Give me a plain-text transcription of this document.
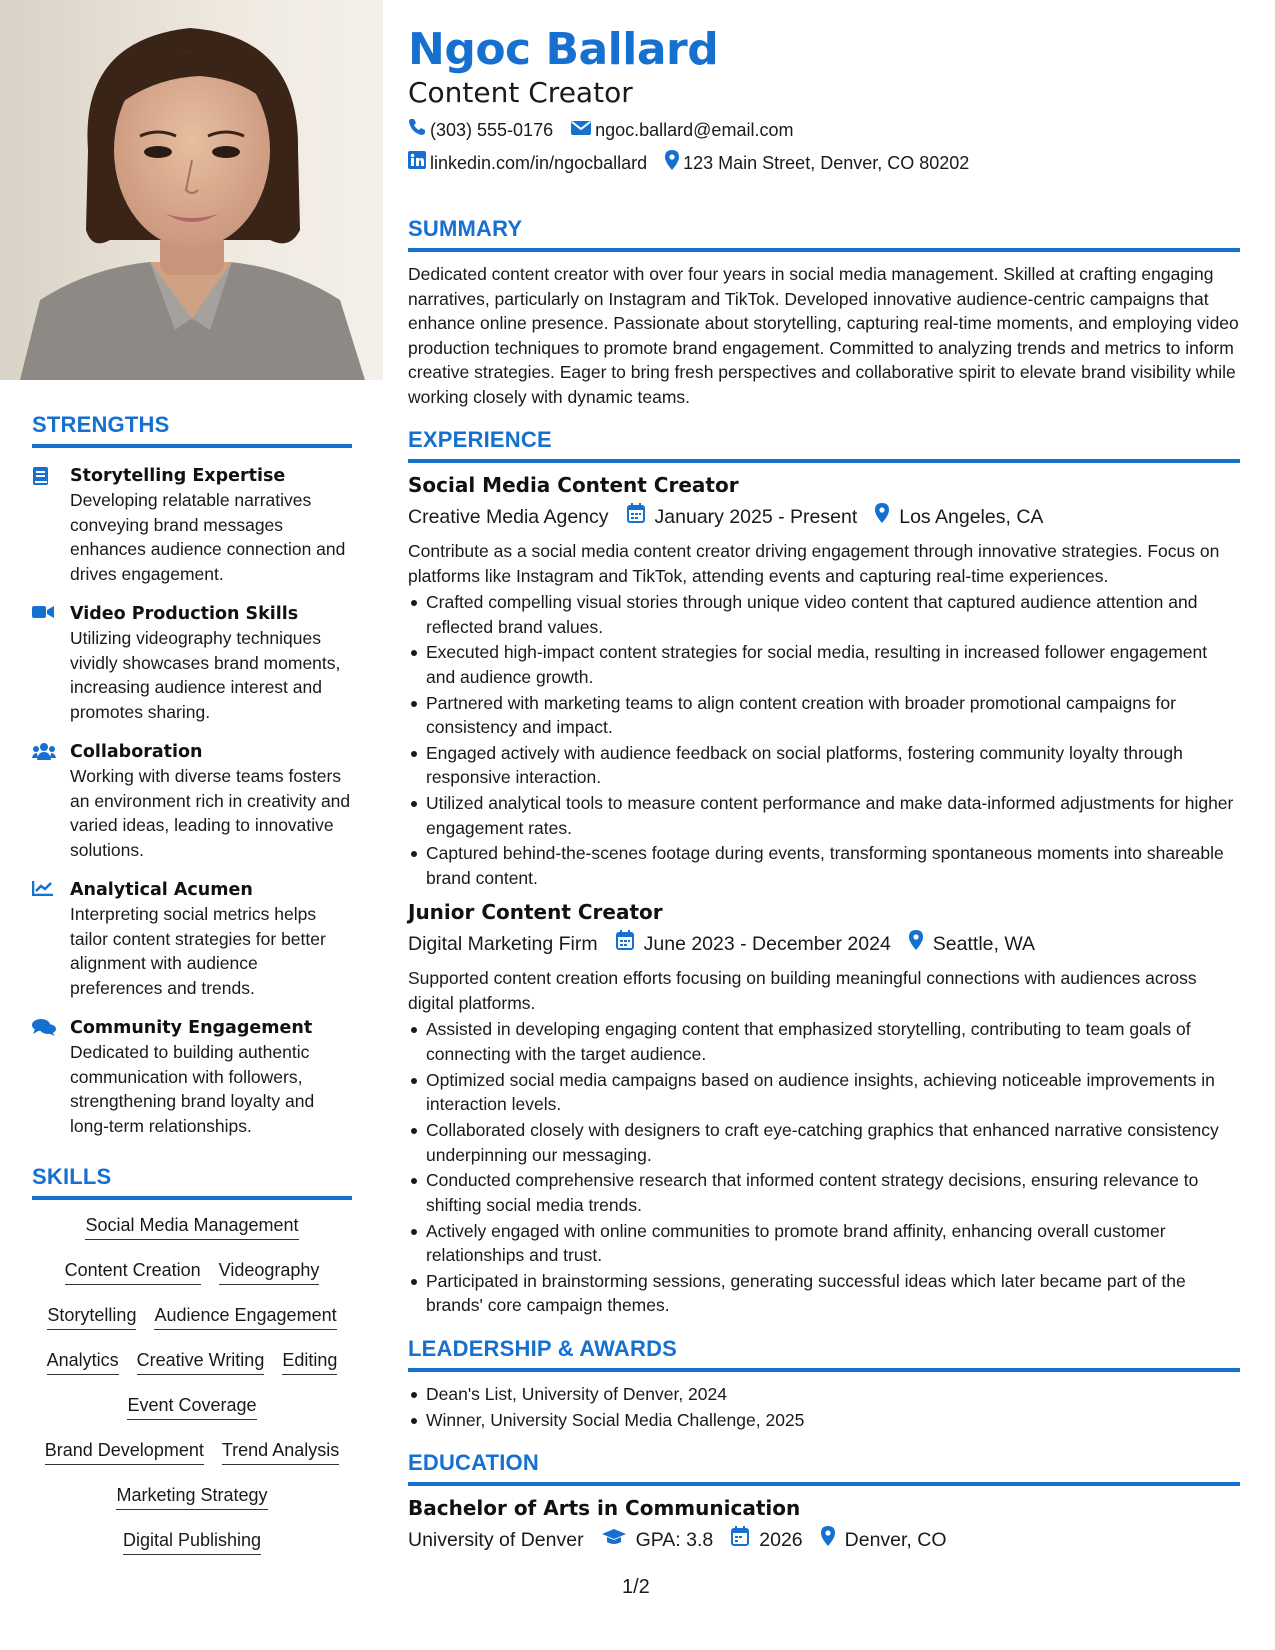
STRENGTHS
Storytelling Expertise
Developing relatable narratives conveying brand messages enhances audience connection and drives engagement.
Video Production Skills
Utilizing videography techniques vividly showcases brand moments, increasing audience interest and promotes sharing.
Collaboration
Working with diverse teams fosters an environment rich in creativity and varied ideas, leading to innovative solutions.
Analytical Acumen
Interpreting social metrics helps tailor content strategies for better alignment with audience preferences and trends.
Community Engagement
Dedicated to building authentic communication with followers, strengthening brand loyalty and long-term relationships.
SKILLS
Social Media Management
Content Creation Videography
Storytelling Audience Engagement
Analytics Creative Writing Editing
Event Coverage
Brand Development Trend Analysis
Marketing Strategy
Digital Publishing
Ngoc Ballard
Content Creator
(303) 555-0176 ngoc.ballard@email.com
linkedin.com/in/ngocballard 123 Main Street, Denver, CO 80202
SUMMARY
Dedicated content creator with over four years in social media management. Skilled at crafting engaging narratives, particularly on Instagram and TikTok. Developed innovative audience-centric campaigns that enhance online presence. Passionate about storytelling, capturing real-time moments, and employing video production techniques to promote brand engagement. Committed to analyzing trends and metrics to inform creative strategies. Eager to bring fresh perspectives and collaborative spirit to elevate brand visibility while working closely with dynamic teams.
EXPERIENCE
Social Media Content Creator
Creative Media Agency January 2025 - Present Los Angeles, CA
Contribute as a social media content creator driving engagement through innovative strategies. Focus on platforms like Instagram and TikTok, attending events and capturing real-time experiences.
Crafted compelling visual stories through unique video content that captured audience attention and reflected brand values.
Executed high-impact content strategies for social media, resulting in increased follower engagement and audience growth.
Partnered with marketing teams to align content creation with broader promotional campaigns for consistency and impact.
Engaged actively with audience feedback on social platforms, fostering community loyalty through responsive interaction.
Utilized analytical tools to measure content performance and make data-informed adjustments for higher engagement rates.
Captured behind-the-scenes footage during events, transforming spontaneous moments into shareable brand content.
Junior Content Creator
Digital Marketing Firm June 2023 - December 2024 Seattle, WA
Supported content creation efforts focusing on building meaningful connections with audiences across digital platforms.
Assisted in developing engaging content that emphasized storytelling, contributing to team goals of connecting with the target audience.
Optimized social media campaigns based on audience insights, achieving noticeable improvements in interaction levels.
Collaborated closely with designers to craft eye-catching graphics that enhanced narrative consistency underpinning our messaging.
Conducted comprehensive research that informed content strategy decisions, ensuring relevance to shifting social media trends.
Actively engaged with online communities to promote brand affinity, enhancing overall customer relationships and trust.
Participated in brainstorming sessions, generating successful ideas which later became part of the brands' core campaign themes.
LEADERSHIP & AWARDS
Dean's List, University of Denver, 2024
Winner, University Social Media Challenge, 2025
EDUCATION
Bachelor of Arts in Communication
University of Denver	GPA: 3.8 2026 Denver, CO
1/2
